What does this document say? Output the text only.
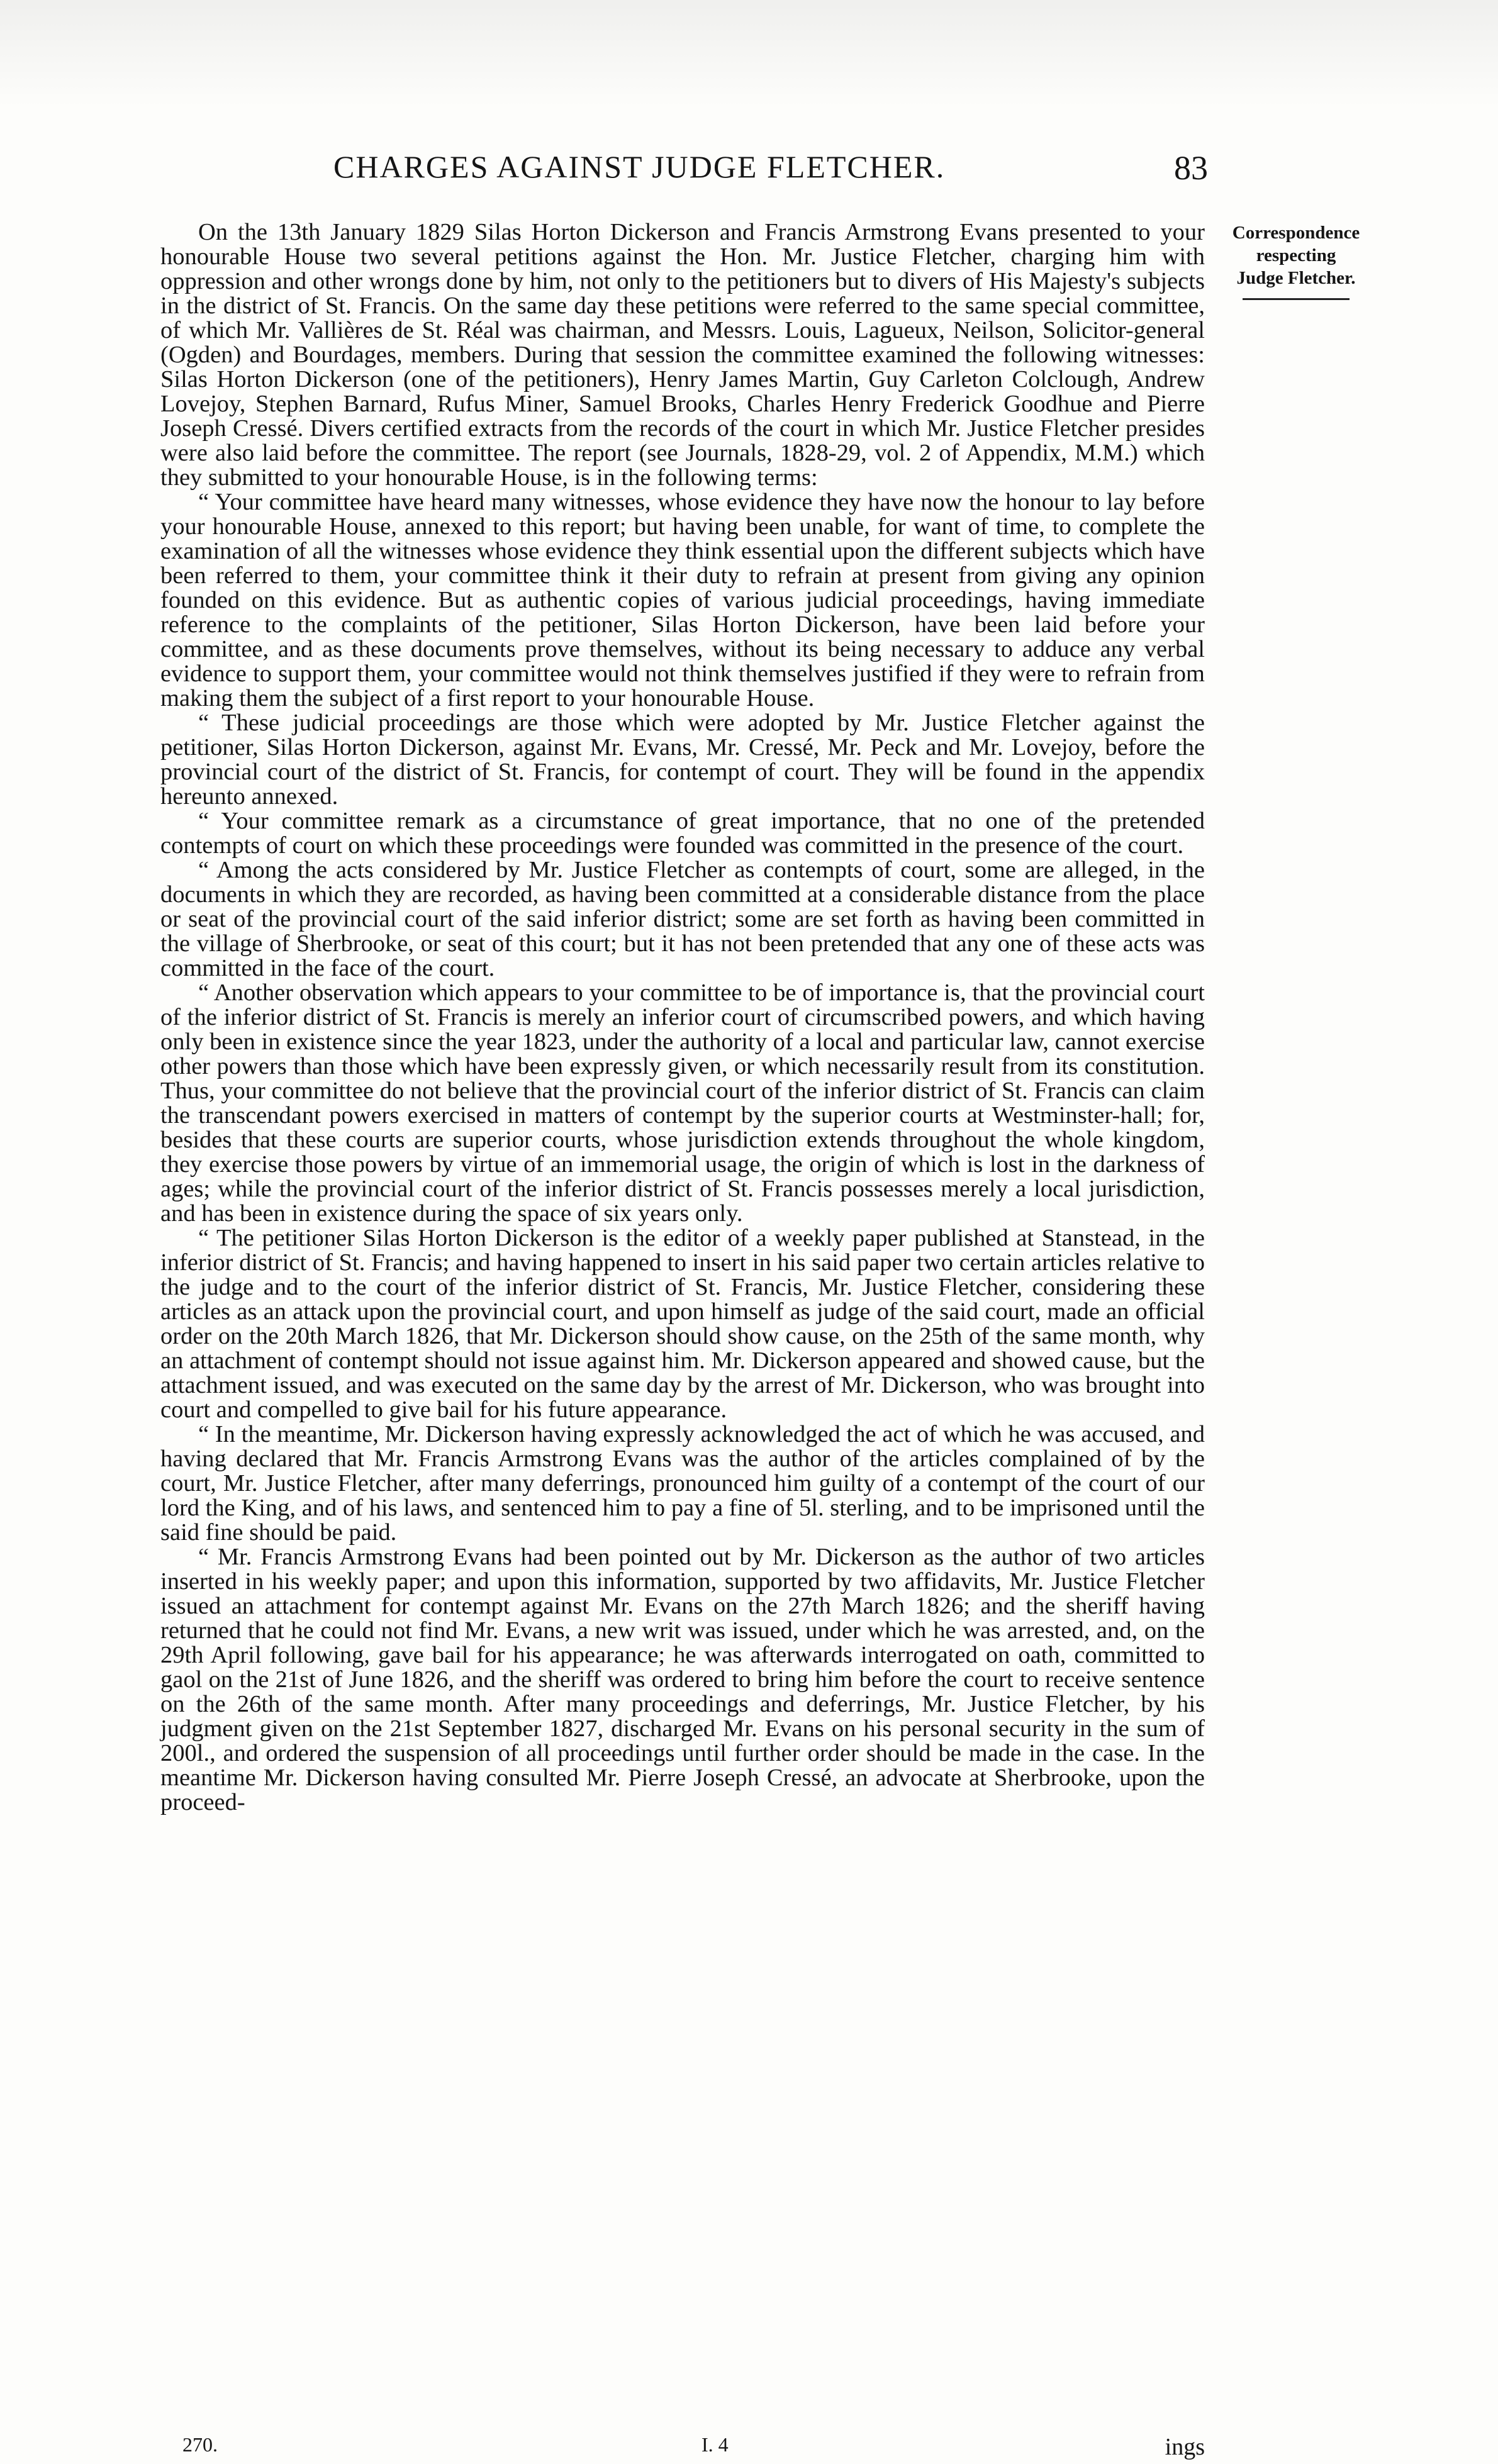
CHARGES AGAINST JUDGE FLETCHER.	83
Correspondence
respecting
Judge Fletcher.

On the 13th January 1829 Silas Horton Dickerson and Francis Armstrong Evans presented to your honourable House two several petitions against the Hon. Mr. Justice Fletcher, charging him with oppression and other wrongs done by him, not only to the petitioners but to divers of His Majesty's subjects in the district of St. Francis. On the same day these petitions were referred to the same special committee, of which Mr. Vallières de St. Réal was chairman, and Messrs. Louis, Lagueux, Neilson, Solicitor-general (Ogden) and Bourdages, members. During that session the committee examined the following witnesses: Silas Horton Dickerson (one of the petitioners), Henry James Martin, Guy Carleton Colclough, Andrew Lovejoy, Stephen Barnard, Rufus Miner, Samuel Brooks, Charles Henry Frederick Goodhue and Pierre Joseph Cressé. Divers certified extracts from the records of the court in which Mr. Justice Fletcher presides were also laid before the committee. The report (see Journals, 1828-29, vol. 2 of Appendix, M.M.) which they submitted to your honourable House, is in the following terms:

“ Your committee have heard many witnesses, whose evidence they have now the honour to lay before your honourable House, annexed to this report; but having been unable, for want of time, to complete the examination of all the witnesses whose evidence they think essential upon the different subjects which have been referred to them, your committee think it their duty to refrain at present from giving any opinion founded on this evidence. But as authentic copies of various judicial proceedings, having immediate reference to the complaints of the petitioner, Silas Horton Dickerson, have been laid before your committee, and as these documents prove themselves, without its being necessary to adduce any verbal evidence to support them, your committee would not think themselves justified if they were to refrain from making them the subject of a first report to your honourable House.

“ These judicial proceedings are those which were adopted by Mr. Justice Fletcher against the petitioner, Silas Horton Dickerson, against Mr. Evans, Mr. Cressé, Mr. Peck and Mr. Lovejoy, before the provincial court of the district of St. Francis, for contempt of court. They will be found in the appendix hereunto annexed.

“ Your committee remark as a circumstance of great importance, that no one of the pretended contempts of court on which these proceedings were founded was committed in the presence of the court.

“ Among the acts considered by Mr. Justice Fletcher as contempts of court, some are alleged, in the documents in which they are recorded, as having been committed at a considerable distance from the place or seat of the provincial court of the said inferior district; some are set forth as having been committed in the village of Sherbrooke, or seat of this court; but it has not been pretended that any one of these acts was committed in the face of the court.

“ Another observation which appears to your committee to be of importance is, that the provincial court of the inferior district of St. Francis is merely an inferior court of circumscribed powers, and which having only been in existence since the year 1823, under the authority of a local and particular law, cannot exercise other powers than those which have been expressly given, or which necessarily result from its constitution. Thus, your committee do not believe that the provincial court of the inferior district of St. Francis can claim the transcendant powers exercised in matters of contempt by the superior courts at Westminster-hall; for, besides that these courts are superior courts, whose jurisdiction extends throughout the whole kingdom, they exercise those powers by virtue of an immemorial usage, the origin of which is lost in the darkness of ages; while the provincial court of the inferior district of St. Francis possesses merely a local jurisdiction, and has been in existence during the space of six years only.

“ The petitioner Silas Horton Dickerson is the editor of a weekly paper published at Stanstead, in the inferior district of St. Francis; and having happened to insert in his said paper two certain articles relative to the judge and to the court of the inferior district of St. Francis, Mr. Justice Fletcher, considering these articles as an attack upon the provincial court, and upon himself as judge of the said court, made an official order on the 20th March 1826, that Mr. Dickerson should show cause, on the 25th of the same month, why an attachment of contempt should not issue against him. Mr. Dickerson appeared and showed cause, but the attachment issued, and was executed on the same day by the arrest of Mr. Dickerson, who was brought into court and compelled to give bail for his future appearance.

“ In the meantime, Mr. Dickerson having expressly acknowledged the act of which he was accused, and having declared that Mr. Francis Armstrong Evans was the author of the articles complained of by the court, Mr. Justice Fletcher, after many deferrings, pronounced him guilty of a contempt of the court of our lord the King, and of his laws, and sentenced him to pay a fine of 5l. sterling, and to be imprisoned until the said fine should be paid.

“ Mr. Francis Armstrong Evans had been pointed out by Mr. Dickerson as the author of two articles inserted in his weekly paper; and upon this information, supported by two affidavits, Mr. Justice Fletcher issued an attachment for contempt against Mr. Evans on the 27th March 1826; and the sheriff having returned that he could not find Mr. Evans, a new writ was issued, under which he was arrested, and, on the 29th April following, gave bail for his appearance; he was afterwards interrogated on oath, committed to gaol on the 21st of June 1826, and the sheriff was ordered to bring him before the court to receive sentence on the 26th of the same month. After many proceedings and deferrings, Mr. Justice Fletcher, by his judgment given on the 21st September 1827, discharged Mr. Evans on his personal security in the sum of 200l., and ordered the suspension of all proceedings until further order should be made in the case. In the meantime Mr. Dickerson having consulted Mr. Pierre Joseph Cressé, an advocate at Sherbrooke, upon the proceed-

270.	I. 4	ings
